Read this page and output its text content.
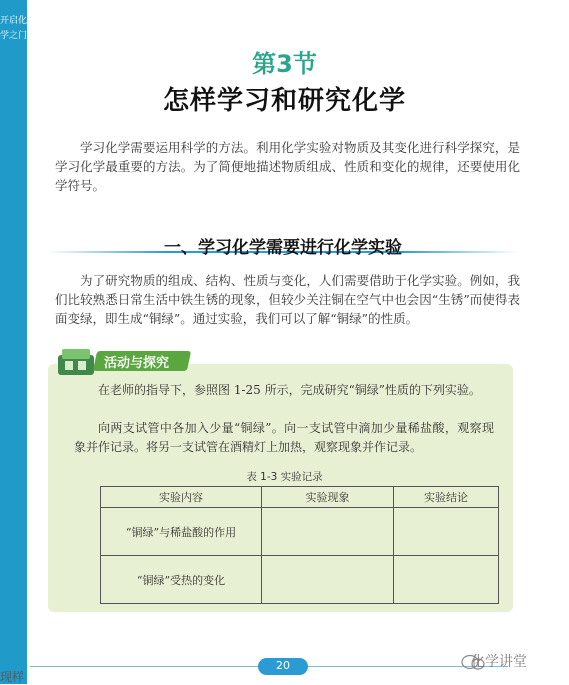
开启化学之门
第3节
怎样学习和研究化学
学习化学需要运用科学的方法。利用化学实验对物质及其变化进行科学探究，是学习化学最重要的方法。为了简便地描述物质组成、性质和变化的规律，还要使用化学符号。
一、学习化学需要进行化学实验
为了研究物质的组成、结构、性质与变化，人们需要借助于化学实验。例如，我们比较熟悉日常生活中铁生锈的现象，但较少关注铜在空气中也会因“生锈”而使得表面变绿，即生成“铜绿”。通过实验，我们可以了解“铜绿”的性质。
活动与探究
在老师的指导下，参照图 1-25 所示，完成研究“铜绿”性质的下列实验。
向两支试管中各加入少量“铜绿”。向一支试管中滴加少量稀盐酸，观察现象并作记录。将另一支试管在酒精灯上加热，观察现象并作记录。
表 1-3 实验记录
实验内容	实验现象	实验结论
“铜绿”与稀盐酸的作用		
“铜绿”受热的变化		
20	化学讲堂
现样
